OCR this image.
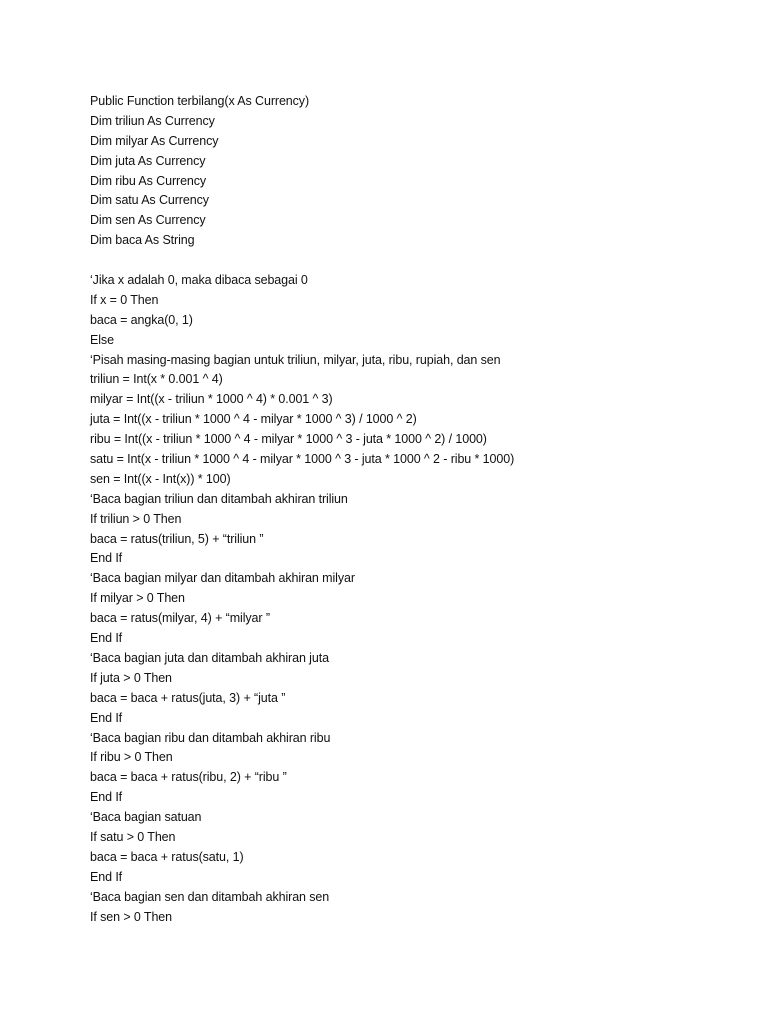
Public Function terbilang(x As Currency)
Dim triliun As Currency
Dim milyar As Currency
Dim juta As Currency
Dim ribu As Currency
Dim satu As Currency
Dim sen As Currency
Dim baca As String
‘Jika x adalah 0, maka dibaca sebagai 0
If x = 0 Then
baca = angka(0, 1)
Else
‘Pisah masing-masing bagian untuk triliun, milyar, juta, ribu, rupiah, dan sen
triliun = Int(x * 0.001 ^ 4)
milyar = Int((x - triliun * 1000 ^ 4) * 0.001 ^ 3)
juta = Int((x - triliun * 1000 ^ 4 - milyar * 1000 ^ 3) / 1000 ^ 2)
ribu = Int((x - triliun * 1000 ^ 4 - milyar * 1000 ^ 3 - juta * 1000 ^ 2) / 1000)
satu = Int(x - triliun * 1000 ^ 4 - milyar * 1000 ^ 3 - juta * 1000 ^ 2 - ribu * 1000)
sen = Int((x - Int(x)) * 100)
‘Baca bagian triliun dan ditambah akhiran triliun
If triliun > 0 Then
baca = ratus(triliun, 5) + “triliun ”
End If
‘Baca bagian milyar dan ditambah akhiran milyar
If milyar > 0 Then
baca = ratus(milyar, 4) + “milyar ”
End If
‘Baca bagian juta dan ditambah akhiran juta
If juta > 0 Then
baca = baca + ratus(juta, 3) + “juta ”
End If
‘Baca bagian ribu dan ditambah akhiran ribu
If ribu > 0 Then
baca = baca + ratus(ribu, 2) + “ribu ”
End If
‘Baca bagian satuan
If satu > 0 Then
baca = baca + ratus(satu, 1)
End If
‘Baca bagian sen dan ditambah akhiran sen
If sen > 0 Then
